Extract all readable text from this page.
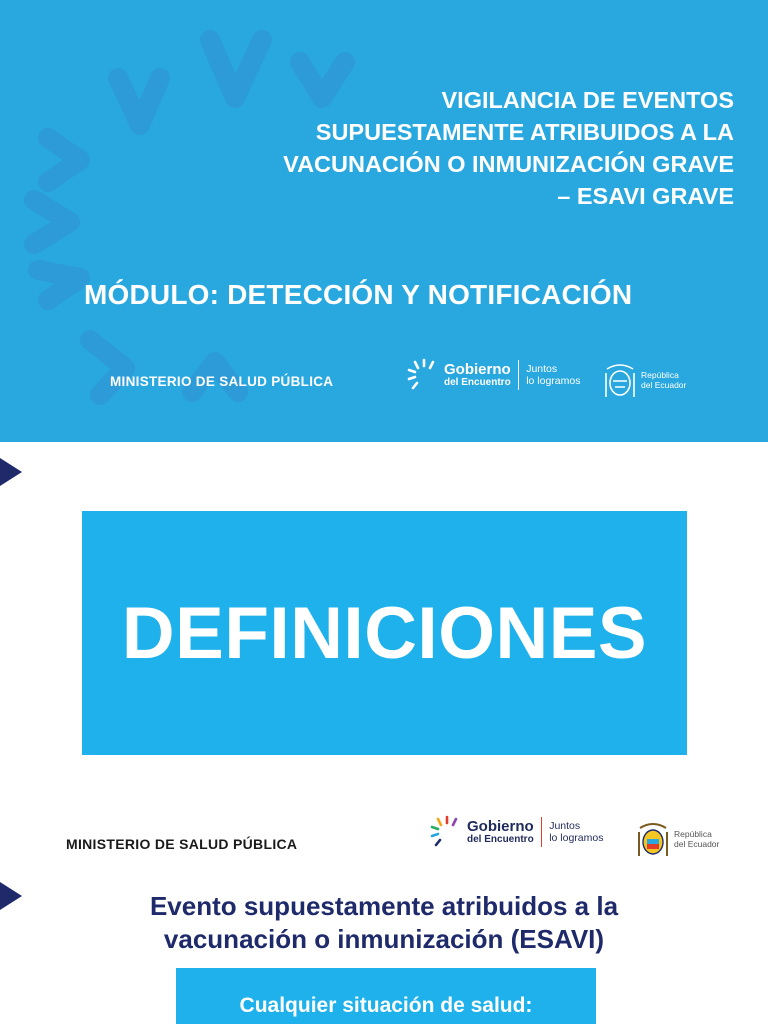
VIGILANCIA DE EVENTOS
SUPUESTAMENTE ATRIBUIDOS A LA
VACUNACIÓN O INMUNIZACIÓN GRAVE
– ESAVI GRAVE
MÓDULO: DETECCIÓN Y NOTIFICACIÓN
MINISTERIO DE SALUD PÚBLICA
Gobierno
del Encuentro
Juntos
lo logramos	República
del Ecuador
DEFINICIONES
MINISTERIO DE SALUD PÚBLICA
Gobierno
del Encuentro
Juntos
lo logramos	República
del Ecuador
Evento supuestamente atribuidos a la
vacunación o inmunización (ESAVI)
Cualquier situación de salud:
